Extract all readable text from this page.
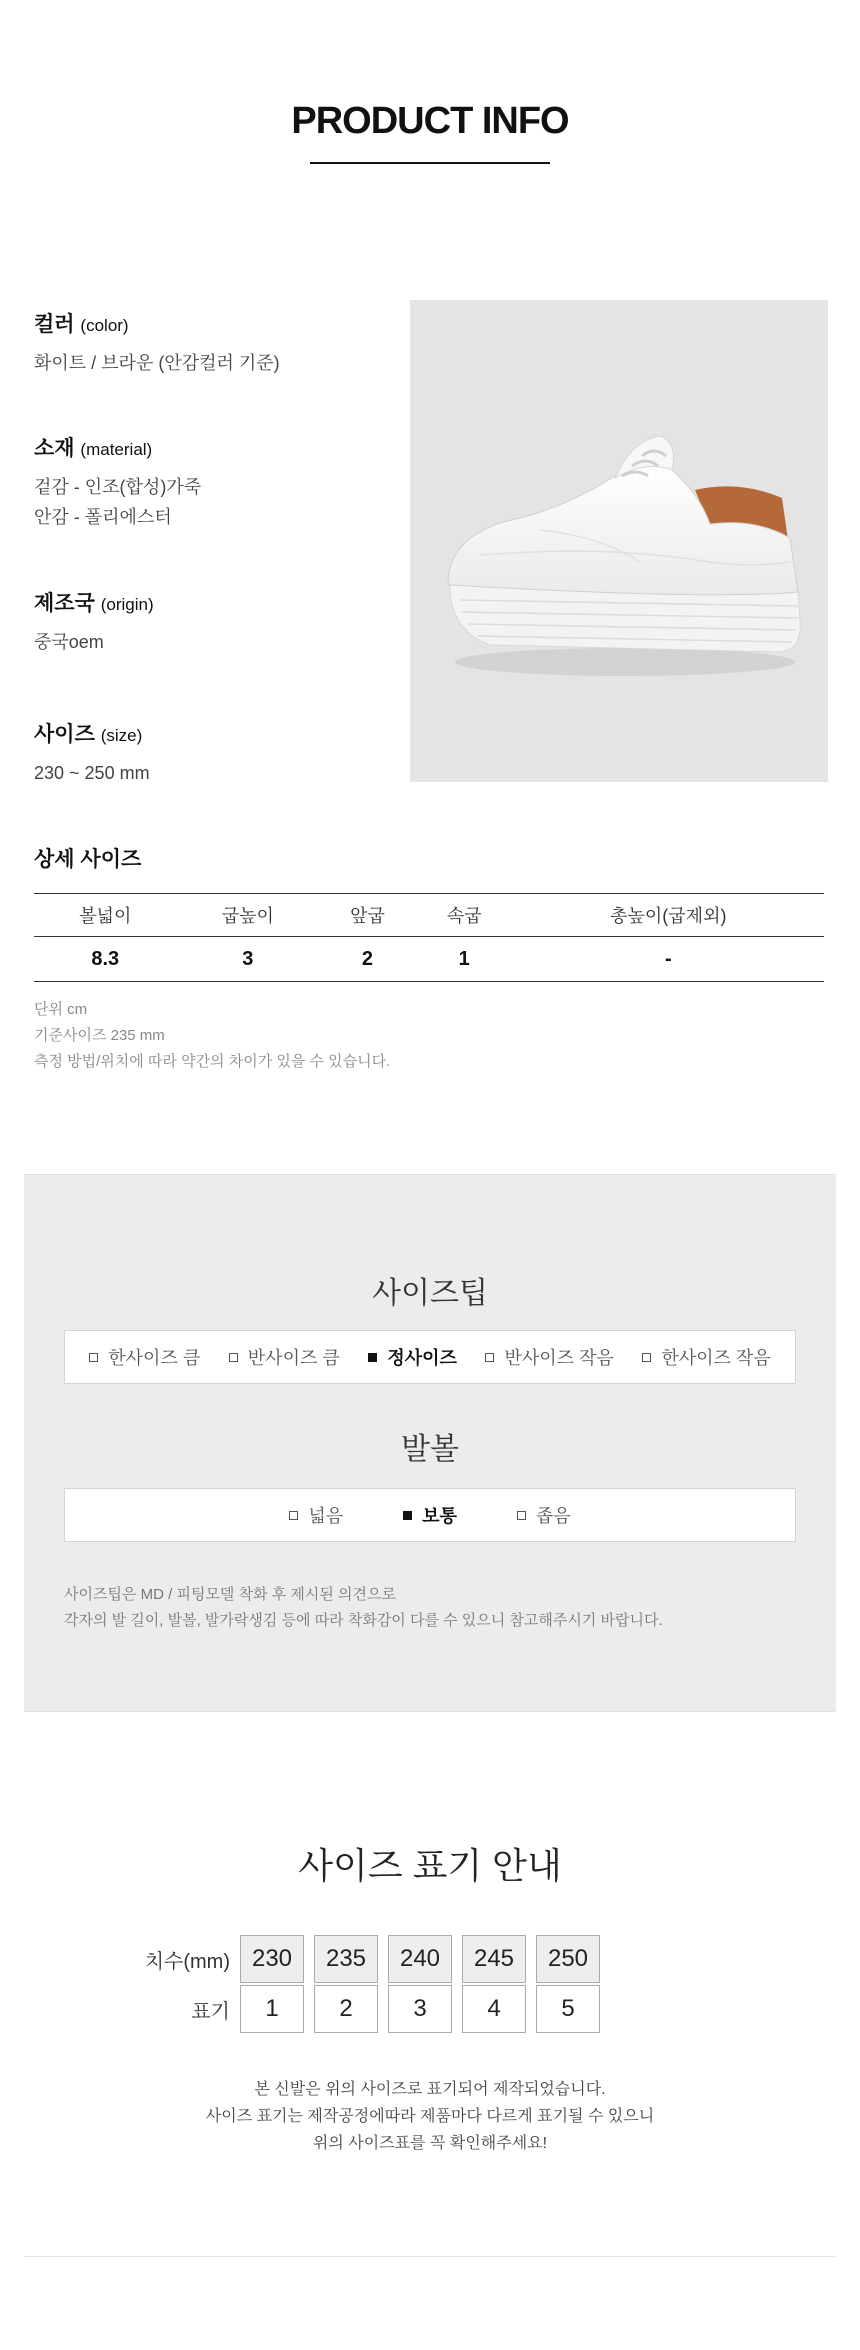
PRODUCT INFO
컬러 (color)
화이트 / 브라운 (안감컬러 기준)
소재 (material)
겉감 - 인조(합성)가죽
안감 - 폴리에스터
제조국 (origin)
중국oem
사이즈 (size)
230 ~ 250 mm
상세 사이즈
볼넓이	굽높이	앞굽	속굽	총높이(굽제외)
8.3	3	2	1	-
단위 cm
기준사이즈 235 mm
측정 방법/위치에 따라 약간의 차이가 있을 수 있습니다.
사이즈팁
한사이즈 큼	반사이즈 큼	정사이즈	반사이즈 작음	한사이즈 작음
발볼
넓음	보통	좁음
사이즈팁은 MD / 피팅모델 착화 후 제시된 의견으로
각자의 발 길이, 발볼, 발가락생김 등에 따라 착화감이 다를 수 있으니 참고해주시기 바랍니다.
사이즈 표기 안내
치수(mm) 230	235	240	245	250
표기	1	2	3	4	5
본 신발은 위의 사이즈로 표기되어 제작되었습니다.
사이즈 표기는 제작공정에따라 제품마다 다르게 표기될 수 있으니
위의 사이즈표를 꼭 확인해주세요!
